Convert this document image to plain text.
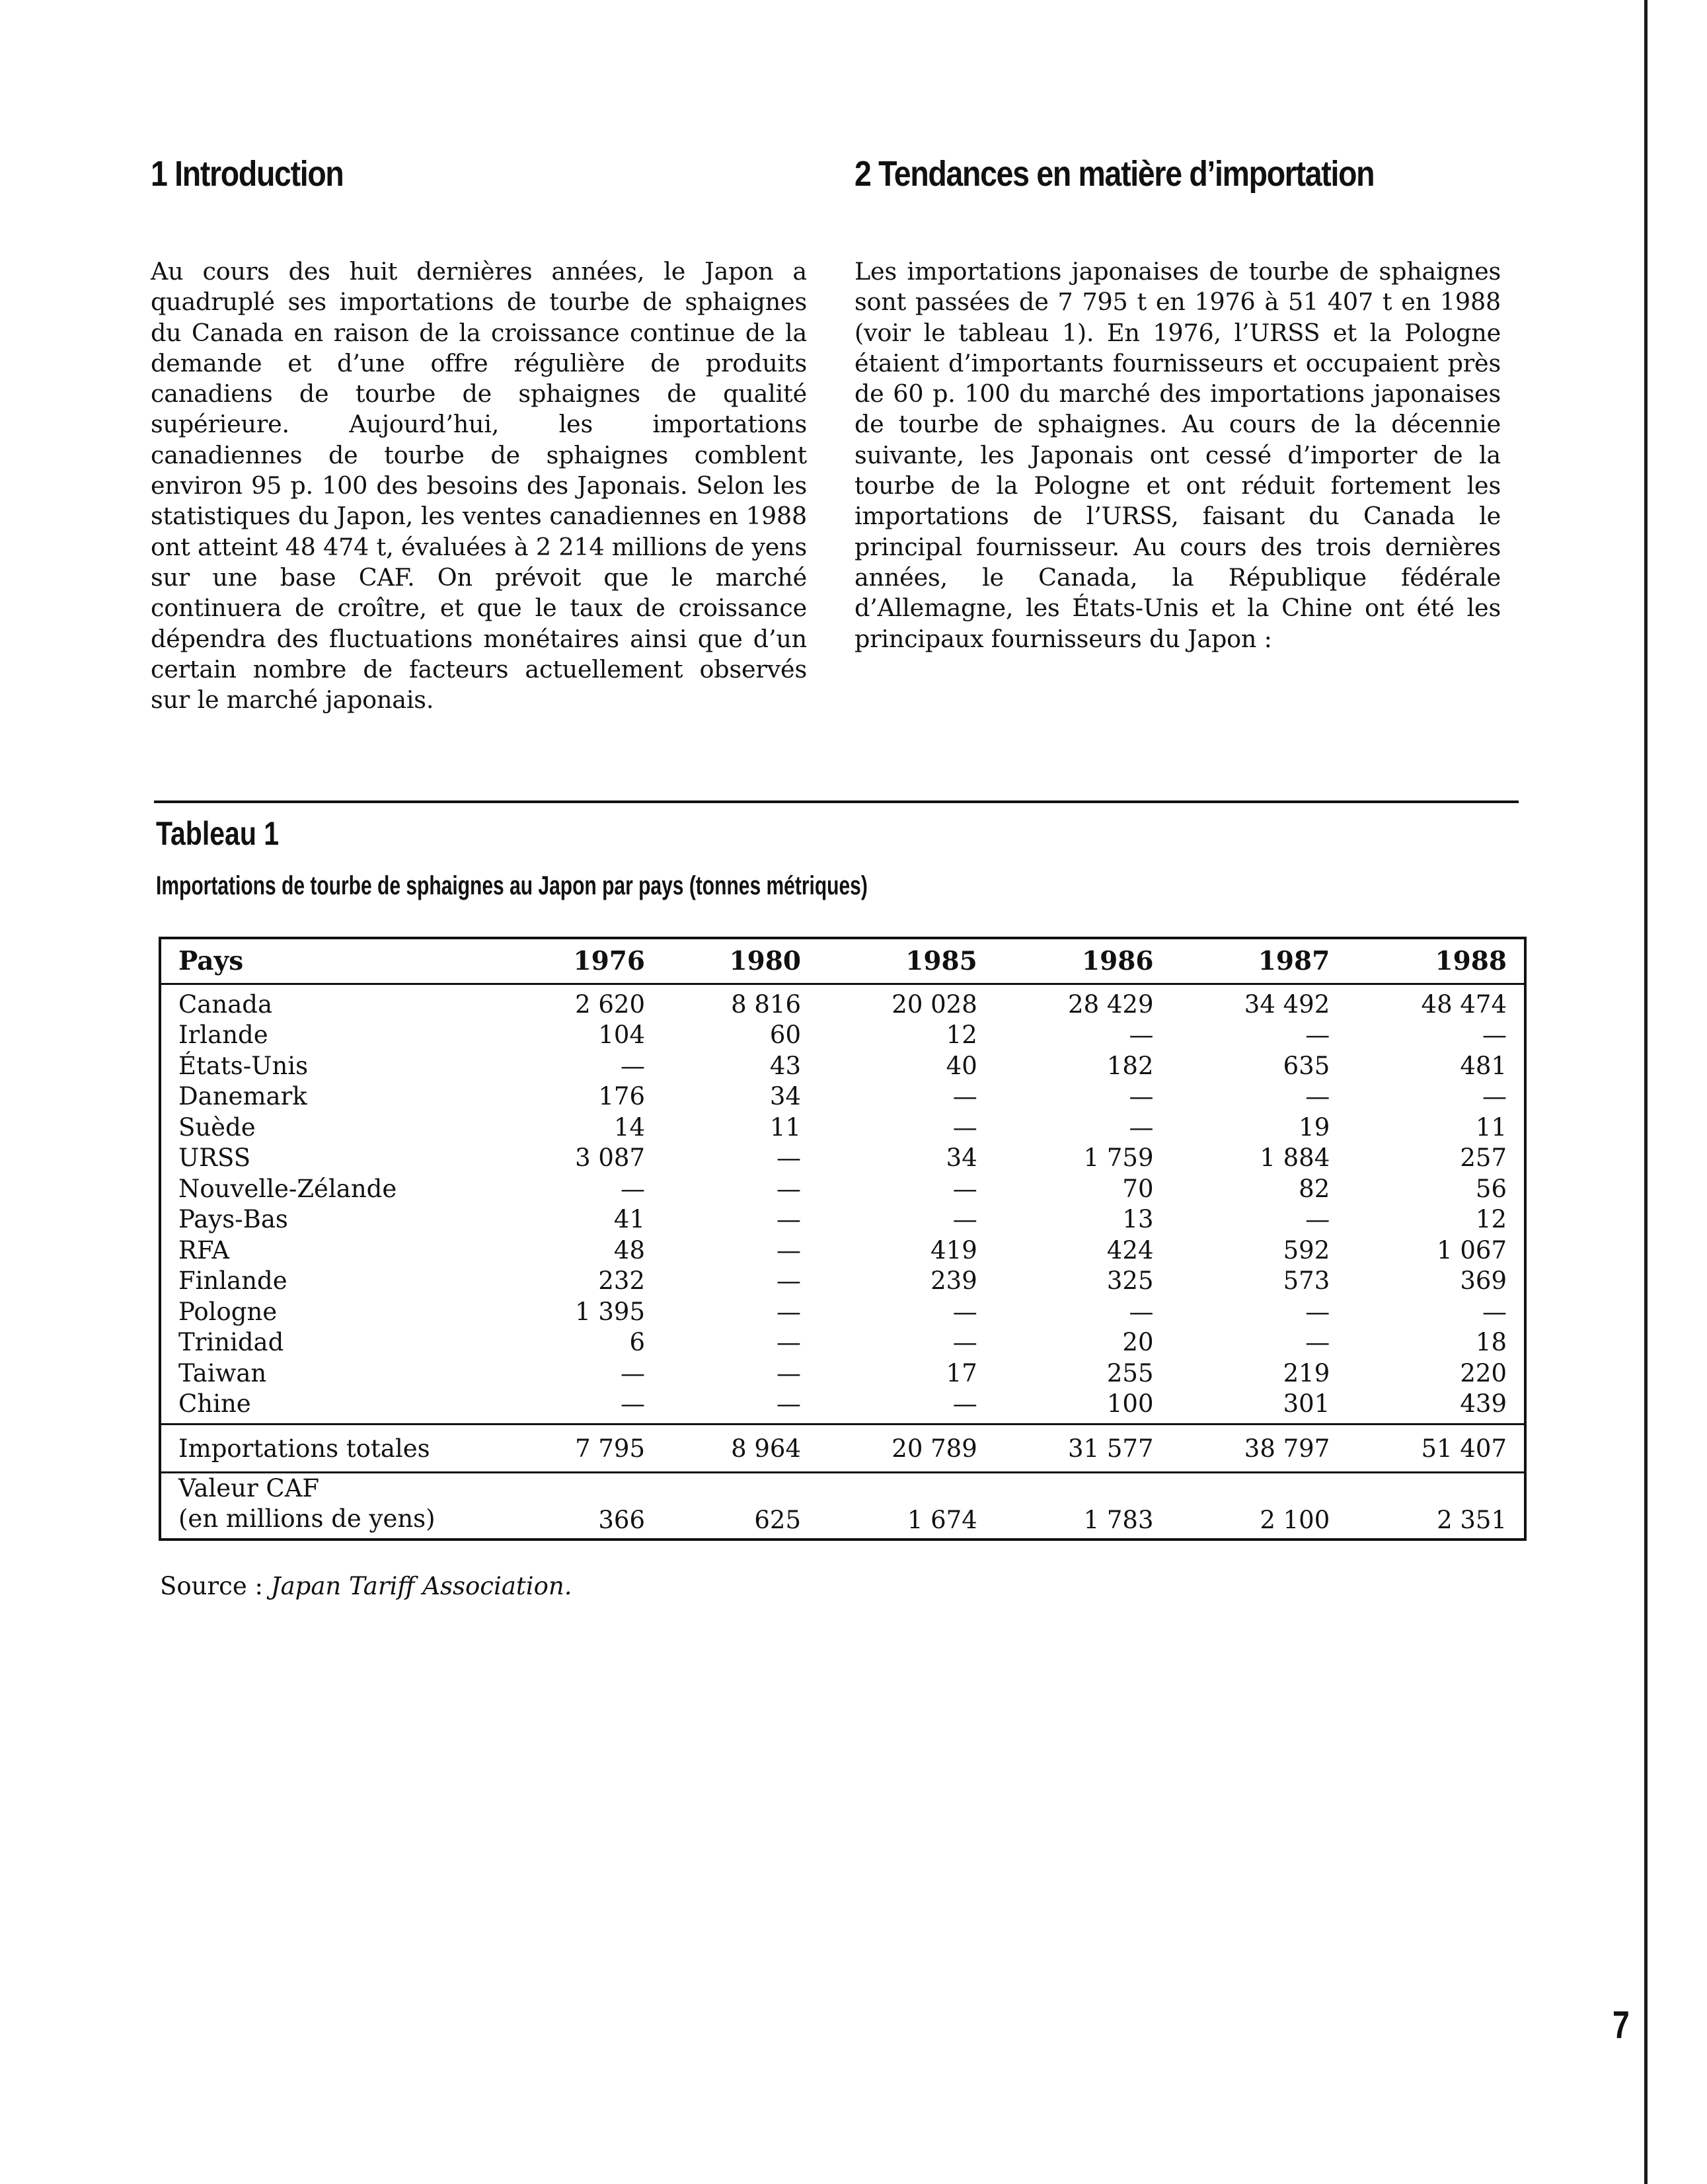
1 Introduction	2 Tendances en matière d’importation

Au cours des huit dernières années, le Japon a quadruplé ses importations de tourbe de sphaignes du Canada en raison de la croissance continue de la demande et d’une offre régulière de produits canadiens de tourbe de sphaignes de qualité supérieure. Aujourd’hui, les importations canadiennes de tourbe de sphaignes comblent environ 95 p. 100 des besoins des Japonais. Selon les statistiques du Japon, les ventes canadiennes en 1988 ont atteint 48 474 t, évaluées à 2 214 millions de yens sur une base CAF. On prévoit que le marché continuera de croître, et que le taux de croissance dépendra des fluctuations monétaires ainsi que d’un certain nombre de facteurs actuellement observés sur le marché japonais.

Les importations japonaises de tourbe de sphaignes sont passées de 7 795 t en 1976 à 51 407 t en 1988 (voir le tableau 1). En 1976, l’URSS et la Pologne étaient d’importants fournisseurs et occupaient près de 60 p. 100 du marché des importations japonaises de tourbe de sphaignes. Au cours de la décennie suivante, les Japonais ont cessé d’importer de la tourbe de la Pologne et ont réduit fortement les importations de l’URSS, faisant du Canada le principal fournisseur. Au cours des trois dernières années, le Canada, la République fédérale d’Allemagne, les États-Unis et la Chine ont été les principaux fournisseurs du Japon :

Tableau 1

Importations de tourbe de sphaignes au Japon par pays (tonnes métriques)

Pays	1976	1980	1985	1986	1987	1988
Canada	2 620	8 816	20 028	28 429	34 492	48 474
Irlande	104	60	12	—	—	—
États-Unis	—	43	40	182	635	481
Danemark	176	34	—	—	—	—
Suède	14	11	—	—	19	11
URSS	3 087	—	34	1 759	1 884	257
Nouvelle-Zélande	—	—	—	70	82	56
Pays-Bas	41	—	—	13	—	12
RFA	48	—	419	424	592	1 067
Finlande	232	—	239	325	573	369
Pologne	1 395	—	—	—	—	—
Trinidad	6	—	—	20	—	18
Taiwan	—	—	17	255	219	220
Chine	—	—	—	100	301	439
Importations totales	7 795	8 964	20 789	31 577	38 797	51 407
Valeur CAF
(en millions de yens)	366	625	1 674	1 783	2 100	2 351

Source : Japan Tariff Association.

7
